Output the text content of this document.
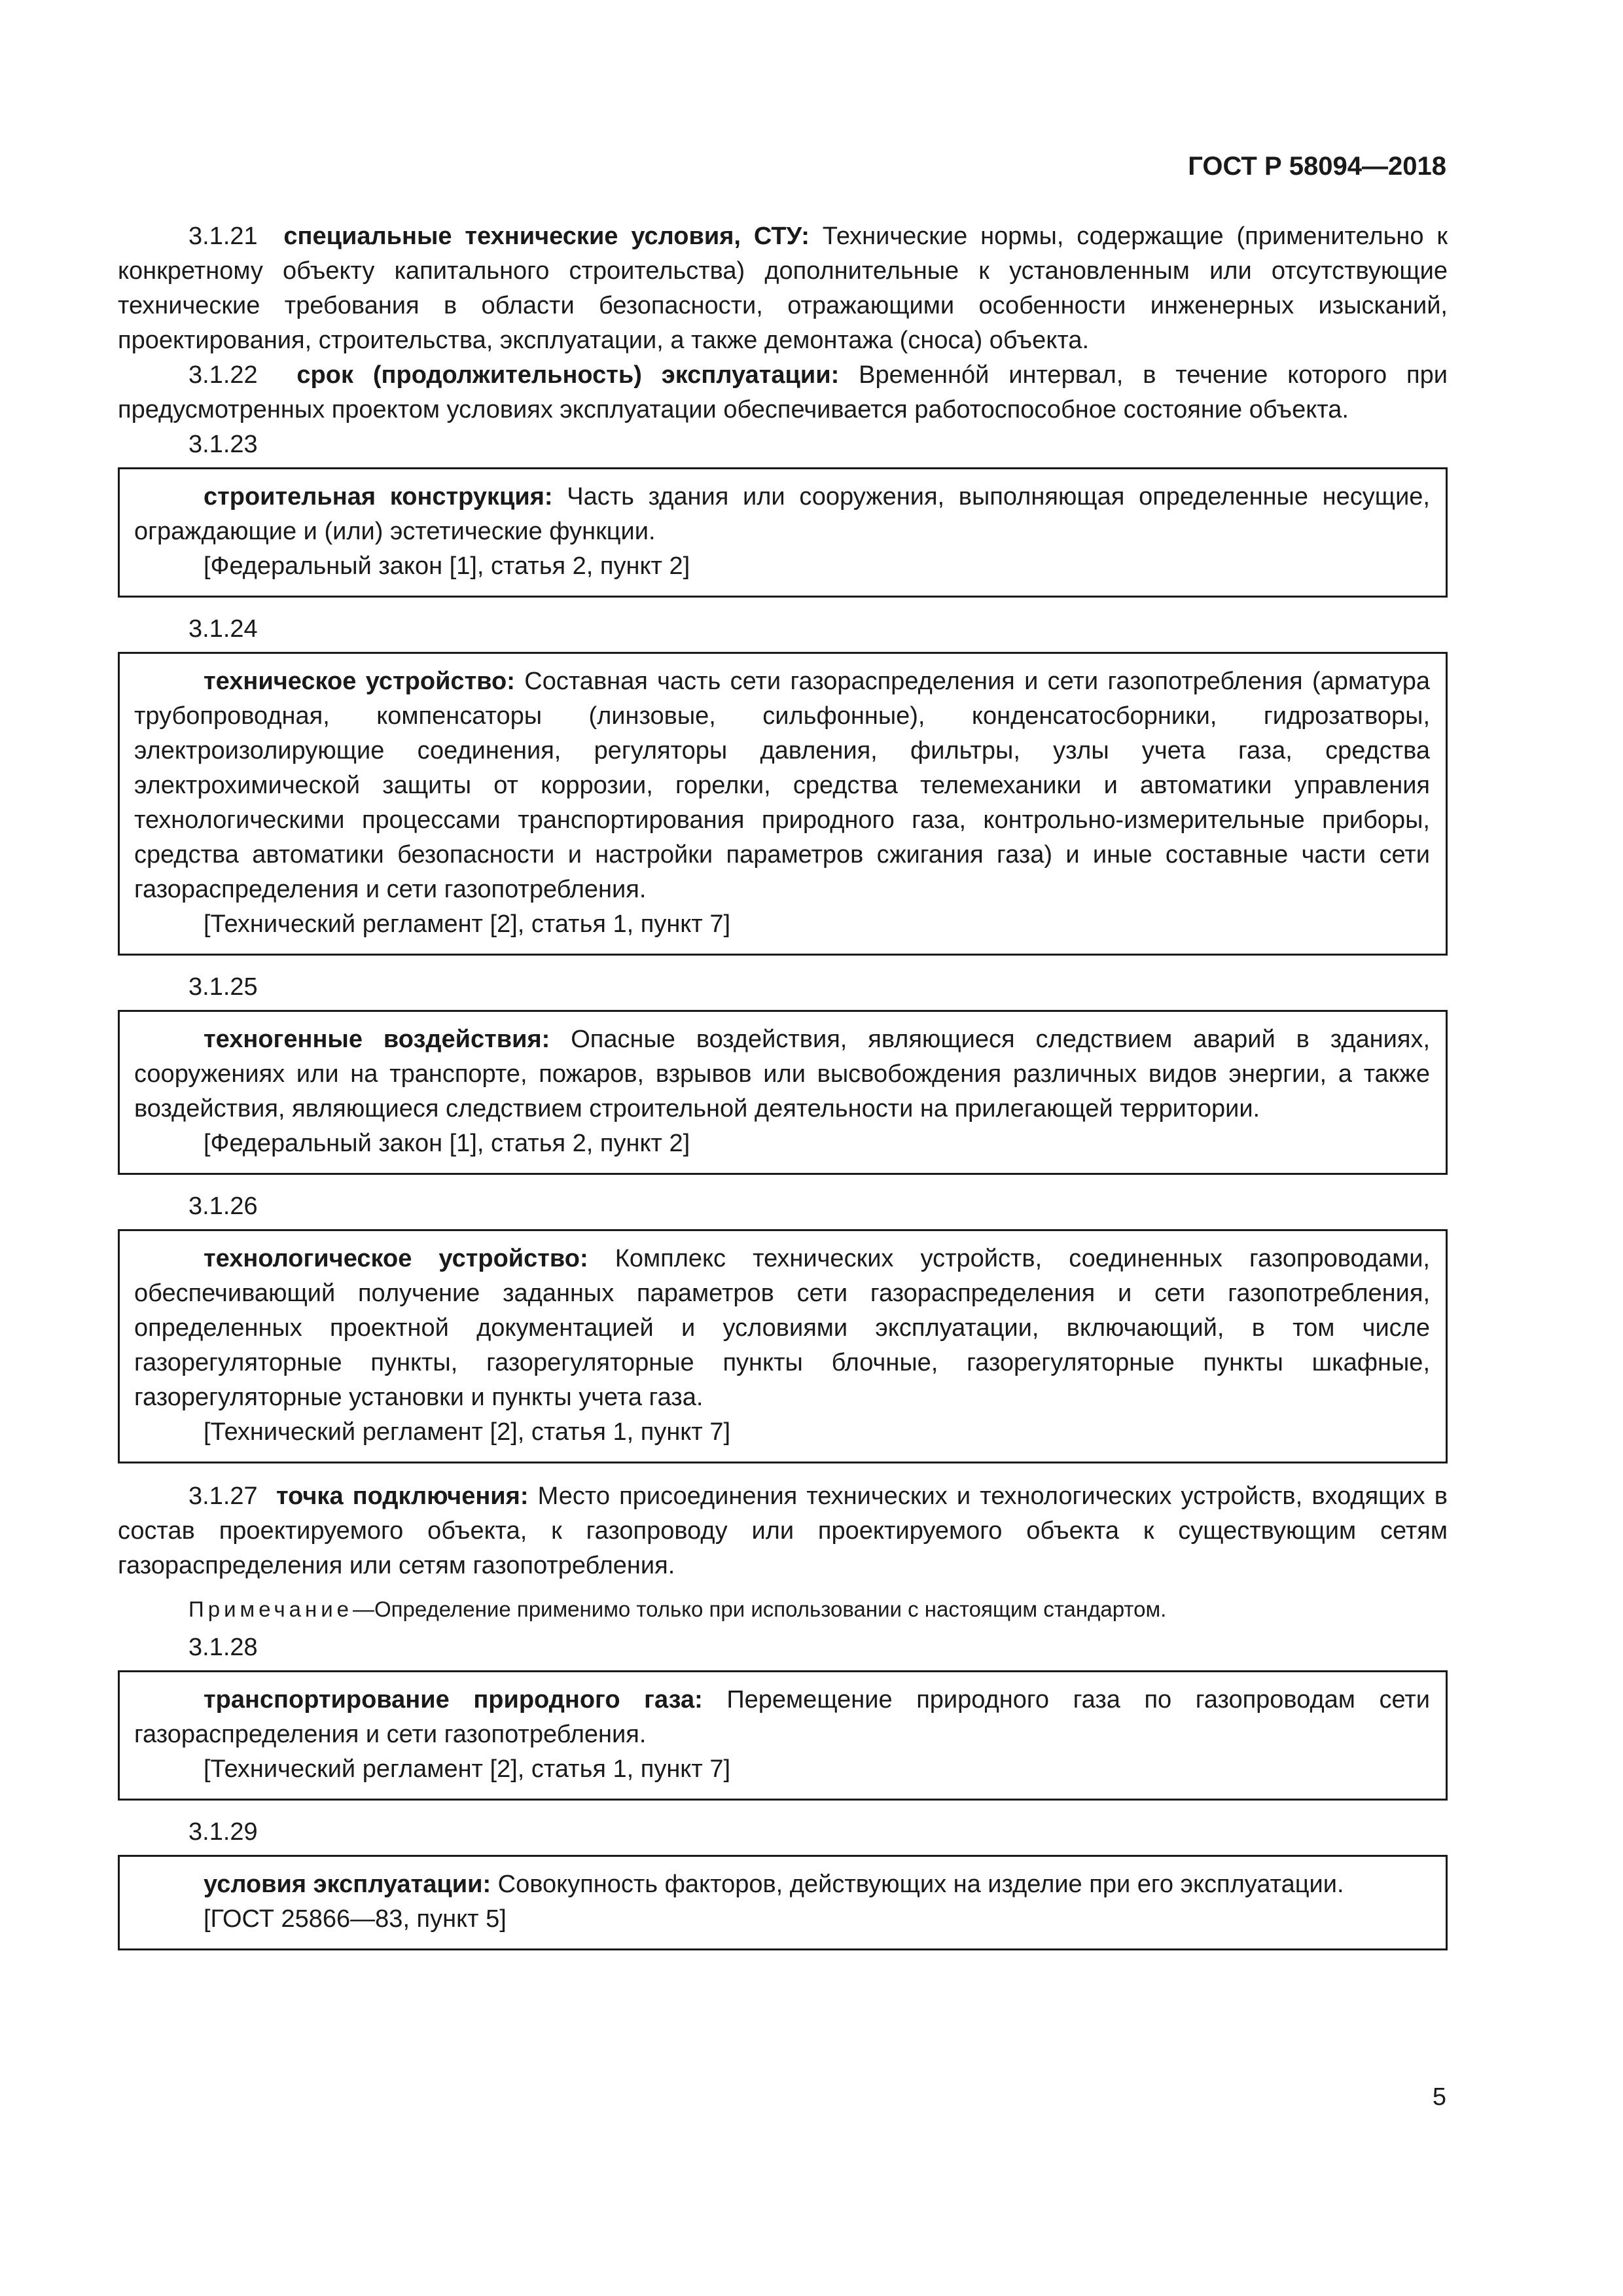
ГОСТ Р 58094—2018

3.1.21 специальные технические условия, СТУ: Технические нормы, содержащие (применительно к конкретному объекту капитального строительства) дополнительные к установленным или отсутствующие технические требования в области безопасности, отражающими особенности инженерных изысканий, проектирования, строительства, эксплуатации, а также демонтажа (сноса) объекта.

3.1.22 срок (продолжительность) эксплуатации: Временнóй интервал, в течение которого при предусмотренных проектом условиях эксплуатации обеспечивается работоспособное состояние объекта.

3.1.23

строительная конструкция: Часть здания или сооружения, выполняющая определенные несущие, ограждающие и (или) эстетические функции.

[Федеральный закон [1], статья 2, пункт 2]
3.1.24

техническое устройство: Составная часть сети газораспределения и сети газопотребления (арматура трубопроводная, компенсаторы (линзовые, сильфонные), конденсатосборники, гидрозатворы, электроизолирующие соединения, регуляторы давления, фильтры, узлы учета газа, средства электрохимической защиты от коррозии, горелки, средства телемеханики и автоматики управления технологическими процессами транспортирования природного газа, контрольно-измерительные приборы, средства автоматики безопасности и настройки параметров сжигания газа) и иные составные части сети газораспределения и сети газопотребления.

[Технический регламент [2], статья 1, пункт 7]
3.1.25

техногенные воздействия: Опасные воздействия, являющиеся следствием аварий в зданиях, сооружениях или на транспорте, пожаров, взрывов или высвобождения различных видов энергии, а также воздействия, являющиеся следствием строительной деятельности на прилегающей территории.

[Федеральный закон [1], статья 2, пункт 2]
3.1.26

технологическое устройство: Комплекс технических устройств, соединенных газопроводами, обеспечивающий получение заданных параметров сети газораспределения и сети газопотребления, определенных проектной документацией и условиями эксплуатации, включающий, в том числе газорегуляторные пункты, газорегуляторные пункты блочные, газорегуляторные пункты шкафные, газорегуляторные установки и пункты учета газа.

[Технический регламент [2], статья 1, пункт 7]

3.1.27 точка подключения: Место присоединения технических и технологических устройств, входящих в состав проектируемого объекта, к газопроводу или проектируемого объекта к существующим сетям газораспределения или сетям газопотребления.

Примечание—Определение применимо только при использовании с настоящим стандартом.
3.1.28

транспортирование природного газа: Перемещение природного газа по газопроводам сети газораспределения и сети газопотребления.

[Технический регламент [2], статья 1, пункт 7]
3.1.29

условия эксплуатации: Совокупность факторов, действующих на изделие при его эксплуатации.

[ГОСТ 25866—83, пункт 5]
5
